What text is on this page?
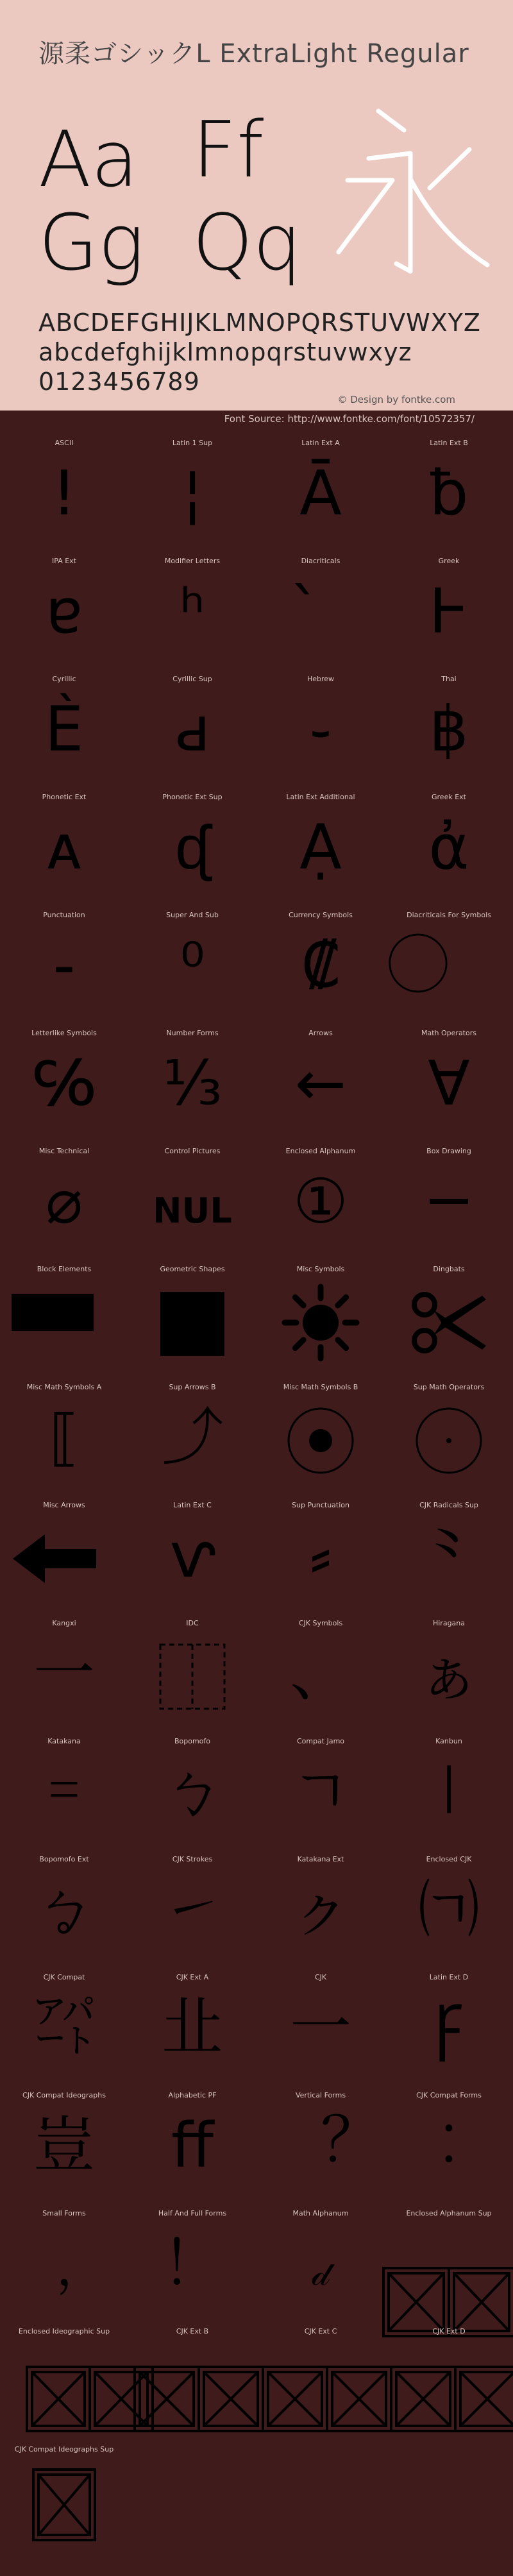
源柔ゴシックL ExtraLight Regular
Aa Ff
Gg Qq
ABCDEFGHIJKLMNOPQRSTUVWXYZ
abcdefghijklmnopqrstuvwxyz
0123456789
© Design by fontke.com
Font Source: http://www.fontke.com/font/10572357/
ASCII
!
Latin 1 Sup
¦
Latin Ext A
Ā
Latin Ext B
ƀ
IPA Ext
ɐ
Modifier Letters
ʰ
Diacriticals	Greek
Ͱ
Cyrillic
Ѐ
Cyrillic Sup
ԁ
Hebrew
֊
Thai
฿
Phonetic Ext
ᴀ
Phonetic Ext Sup
ᶑ
Latin Ext Additional
Ạ
Greek Ext
ἀ
Punctuation
‐
Super And Sub
⁰
Currency Symbols
₡
Diacriticals For Symbols
Letterlike Symbols
℅
Number Forms
⅓
Arrows
←
Math Operators
∀
Misc Technical
⌀
Control Pictures
NUL
Enclosed Alphanum
①
Box Drawing
─
Block Elements	Geometric Shapes	Misc Symbols	Dingbats
Misc Math Symbols A
⟦
Sup Arrows B
⤴
Misc Math Symbols B	Sup Math Operators
Misc Arrows	Latin Ext C
ⱱ
Sup Punctuation
⸗
CJK Radicals Sup
⺀
Kangxi
⼀
IDC	CJK Symbols
、
Hiragana
ぁ
Katakana
゠
Bopomofo
ㄅ
Compat Jamo
ㄱ
Kanbun
㆐
Bopomofo Ext
ㆠ
CJK Strokes
㇀
Katakana Ext
ㇰ
Enclosed CJK
㈀
CJK Compat
㌀
CJK Ext A
㐀
CJK
一
Latin Ext D
Ꝼ
CJK Compat Ideographs
豈
Alphabetic PF
ﬀ
Vertical Forms
︖
CJK Compat Forms
︰
Small Forms
﹐
Half And Full Forms
！
Math Alphanum
𝒹
Enclosed Alphanum Sup
Enclosed Ideographic Sup	CJK Ext B	CJK Ext C	CJK Ext D
CJK Compat Ideographs Sup
